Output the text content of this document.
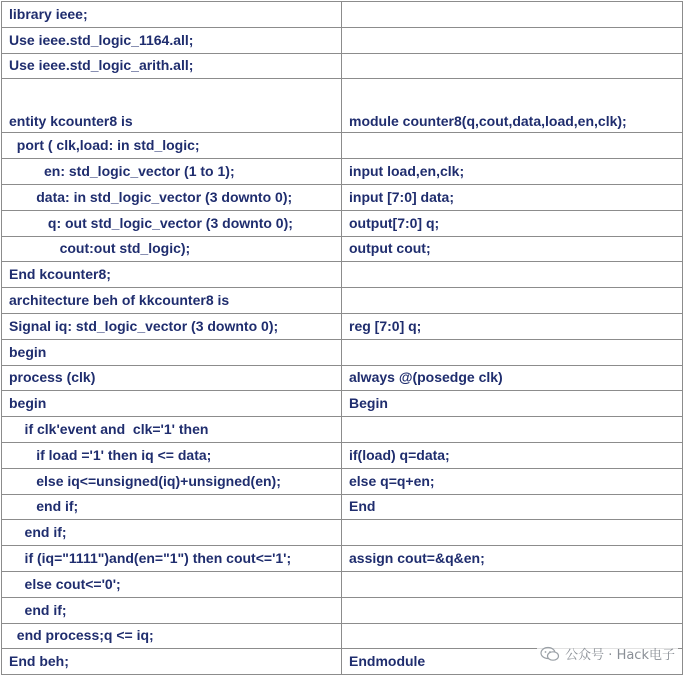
library ieee;	
Use ieee.std_logic_1164.all;	
Use ieee.std_logic_arith.all;	
entity kcounter8 is	module counter8(q,cout,data,load,en,clk);
port ( clk,load: in std_logic;	
en: std_logic_vector (1 to 1);	input load,en,clk;
data: in std_logic_vector (3 downto 0);	input [7:0] data;
q: out std_logic_vector (3 downto 0);	output[7:0] q;
cout:out std_logic);	output cout;
End kcounter8;	
architecture beh of kkcounter8 is	
Signal iq: std_logic_vector (3 downto 0);	reg [7:0] q;
begin	
process (clk)	always @(posedge clk)
begin	Begin
if clk'event and  clk='1' then	
if load ='1' then iq <= data;	if(load) q=data;
else iq<=unsigned(iq)+unsigned(en);	else q=q+en;
end if;	End
end if;	
if (iq="1111")and(en="1") then cout<='1';	assign cout=&q&en;
else cout<='0';	
end if;	
end process;q <= iq;	
End beh;	Endmodule	公众号 · Hack电子
